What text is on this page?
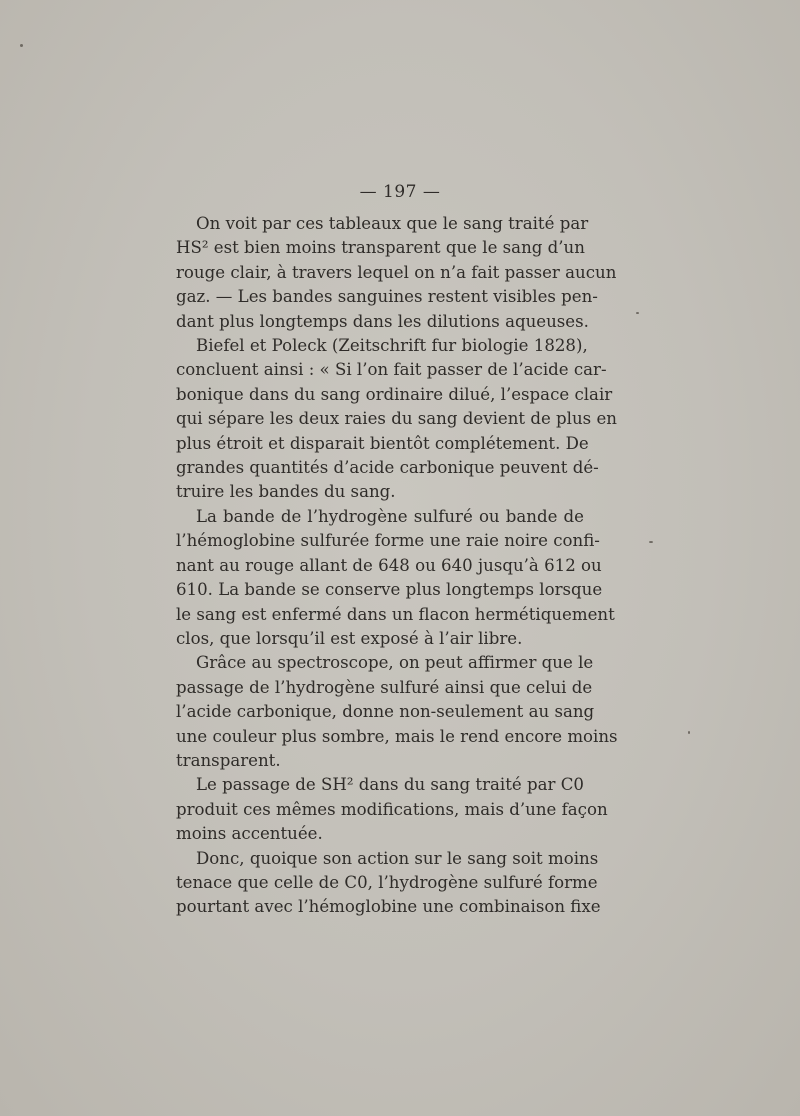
— 197 —
On voit par ces tableaux que le sang traité par
HS² est bien moins transparent que le sang d’un
rouge clair, à travers lequel on n’a fait passer aucun
gaz. — Les bandes sanguines restent visibles pen-
dant plus longtemps dans les dilutions aqueuses.
Biefel et Poleck (Zeitschrift fur biologie 1828),
concluent ainsi : « Si l’on fait passer de l’acide car-
bonique dans du sang ordinaire dilué, l’espace clair
qui sépare les deux raies du sang devient de plus en
plus étroit et disparait bientôt complétement. De
grandes quantités d’acide carbonique peuvent dé-
truire les bandes du sang.
La bande de l’hydrogène sulfuré ou bande de
l’hémoglobine sulfurée forme une raie noire confi-
nant au rouge allant de 648 ou 640 jusqu’à 612 ou
610. La bande se conserve plus longtemps lorsque
le sang est enfermé dans un flacon hermétiquement
clos, que lorsqu’il est exposé à l’air libre.
Grâce au spectroscope, on peut affirmer que le
passage de l’hydrogène sulfuré ainsi que celui de
l’acide carbonique, donne non-seulement au sang
une couleur plus sombre, mais le rend encore moins
transparent.
Le passage de SH² dans du sang traité par C0
produit ces mêmes modifications, mais d’une façon
moins accentuée.
Donc, quoique son action sur le sang soit moins
tenace que celle de C0, l’hydrogène sulfuré forme
pourtant avec l’hémoglobine une combinaison fixe
